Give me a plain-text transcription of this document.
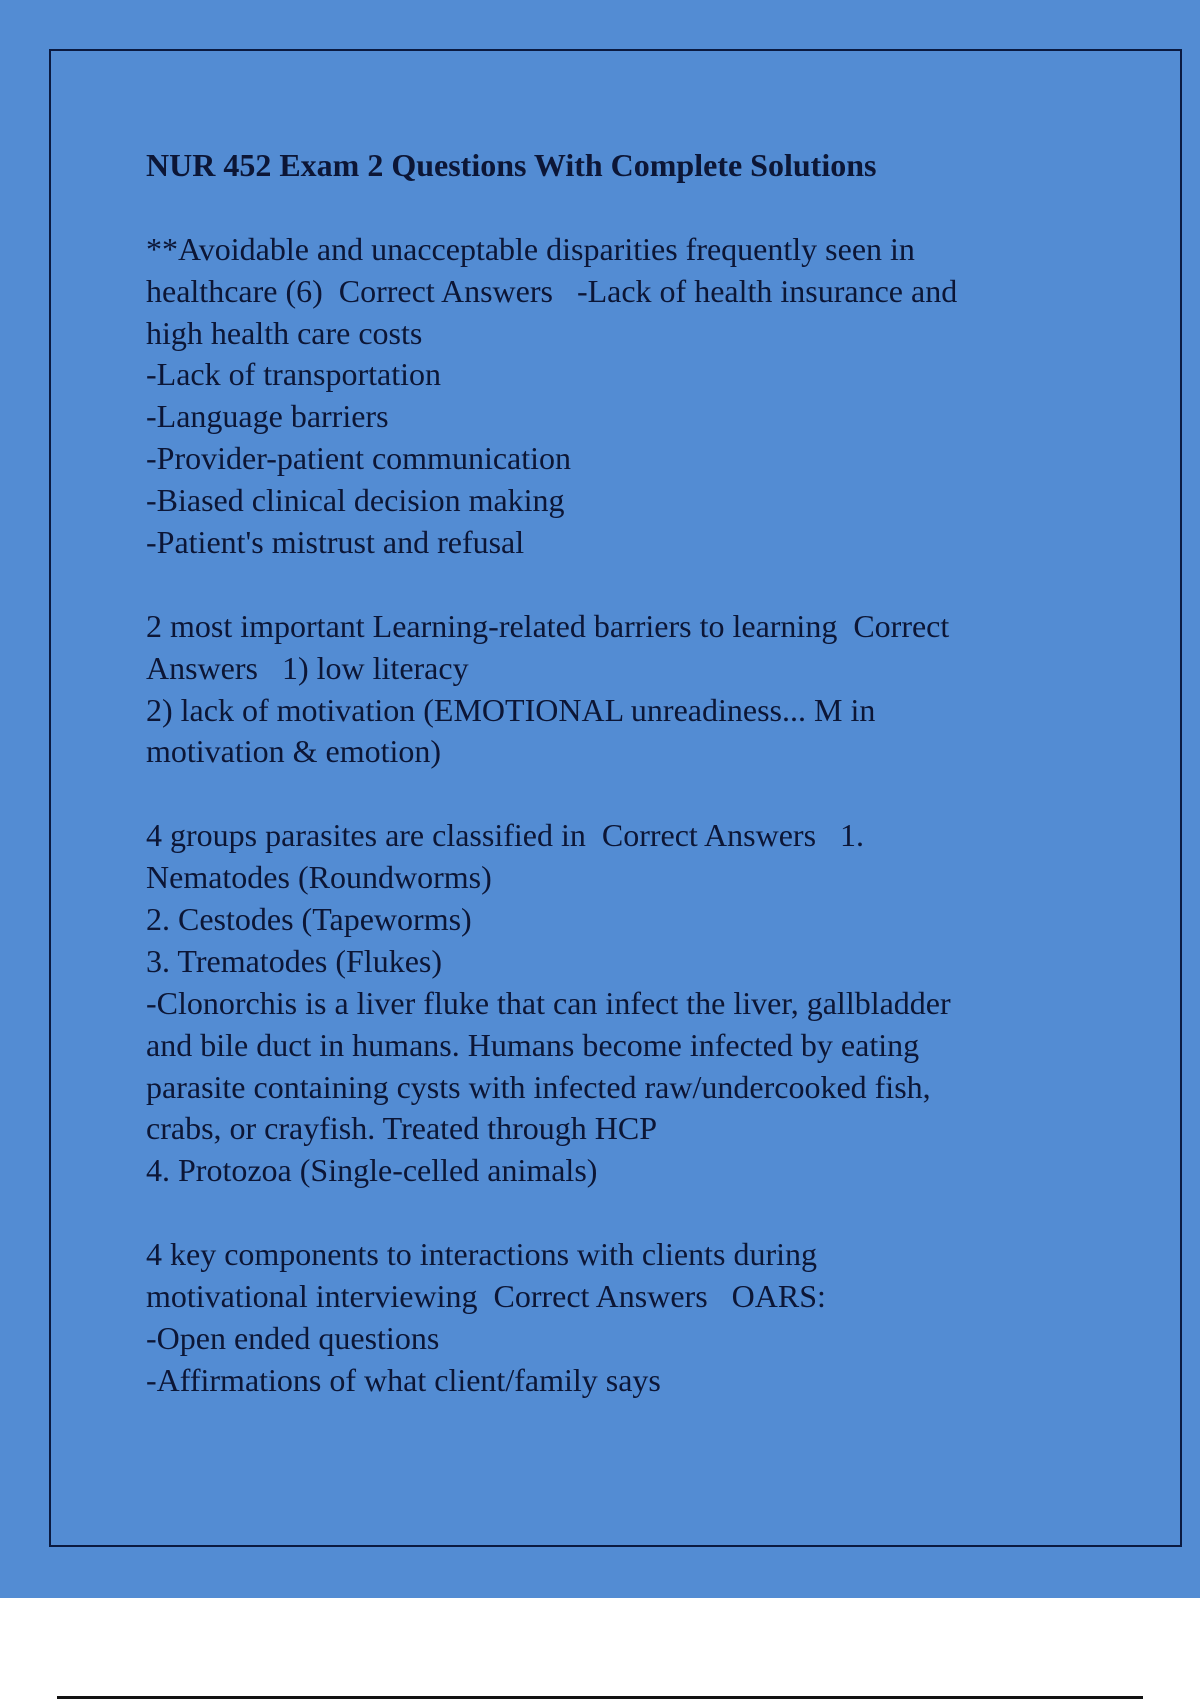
NUR 452 Exam 2 Questions With Complete Solutions
**Avoidable and unacceptable disparities frequently seen in
healthcare (6)  Correct Answers   -Lack of health insurance and
high health care costs
-Lack of transportation
-Language barriers
-Provider-patient communication
-Biased clinical decision making
-Patient's mistrust and refusal
2 most important Learning-related barriers to learning  Correct
Answers   1) low literacy
2) lack of motivation (EMOTIONAL unreadiness... M in
motivation & emotion)
4 groups parasites are classified in  Correct Answers   1.
Nematodes (Roundworms)
2. Cestodes (Tapeworms)
3. Trematodes (Flukes)
-Clonorchis is a liver fluke that can infect the liver, gallbladder
and bile duct in humans. Humans become infected by eating
parasite containing cysts with infected raw/undercooked fish,
crabs, or crayfish. Treated through HCP
4. Protozoa (Single-celled animals)
4 key components to interactions with clients during
motivational interviewing  Correct Answers   OARS:
-Open ended questions
-Affirmations of what client/family says
